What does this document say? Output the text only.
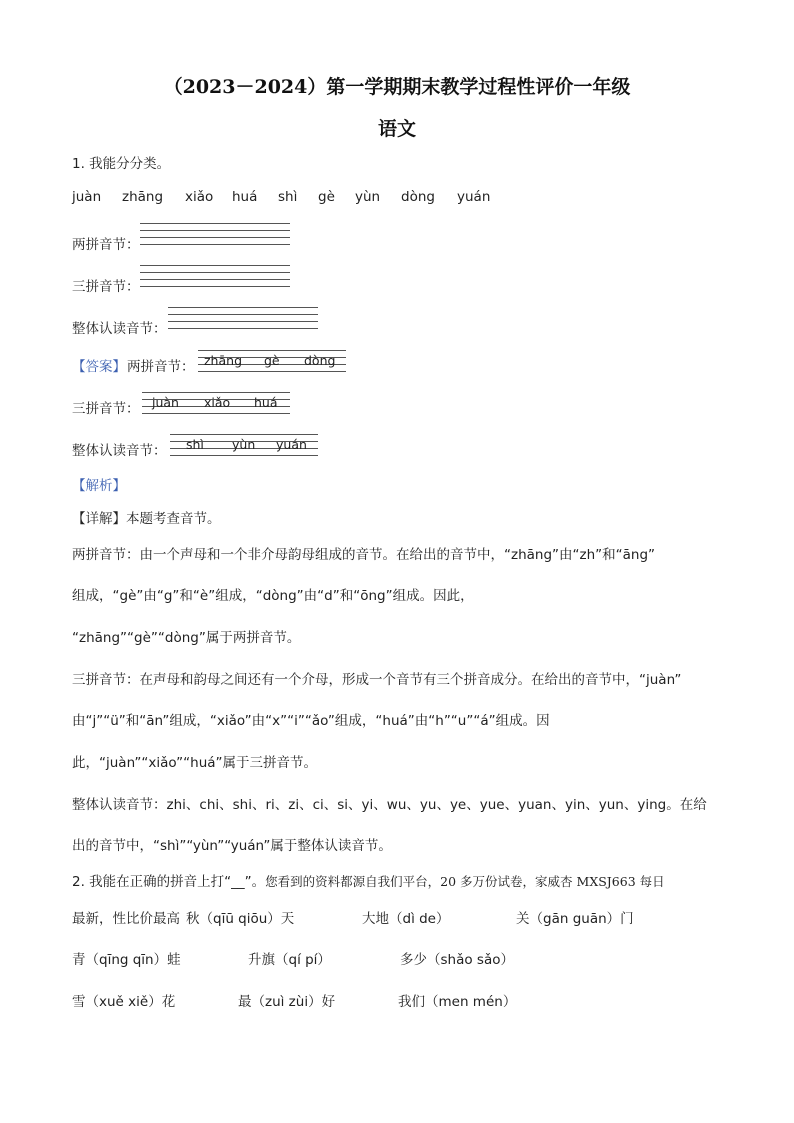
（2023－2024）第一学期期末教学过程性评价一年级
语文
1. 我能分分类。
juàn zhāng xiǎo huá shì gè yùn dòng yuán
两拼音节：
三拼音节：
整体认读音节：
【答案】 两拼音节： zhāng gè dòng
三拼音节： juàn xiǎo huá
整体认读音节： shì yùn yuán
【解析】
【详解】本题考查音节。
两拼音节：由一个声母和一个非介母韵母组成的音节。在给出的音节中，“zhāng”由“zh”和“āng”
组成，“gè”由“g”和“è”组成，“dòng”由“d”和“ōng”组成。因此，
“zhāng”“gè”“dòng”属于两拼音节。
三拼音节：在声母和韵母之间还有一个介母，形成一个音节有三个拼音成分。在给出的音节中，“juàn”
由“j”“ü”和“ān”组成，“xiǎo”由“x”“i”“ǎo”组成，“huá”由“h”“u”“á”组成。因
此，“juàn”“xiǎo”“huá”属于三拼音节。
整体认读音节：zhi、chi、shi、ri、zi、ci、si、yi、wu、yu、ye、yue、yuan、yin、yun、ying。在给
出的音节中，“shì”“yùn”“yuán”属于整体认读音节。
2. 我能在正确的拼音上打“__”。您看到的资料都源自我们平台，20 多万份试卷，家威杏 MXSJ663 每日
最新，性比价最高 秋（qīū qiōu）天	大地（dì de）	关（gān guān）门
青（qīng qīn）蛙	升旗（qí pí）	多少（shǎo sǎo）
雪（xuě xiě）花	最（zuì zùi）好	我们（men mén）
